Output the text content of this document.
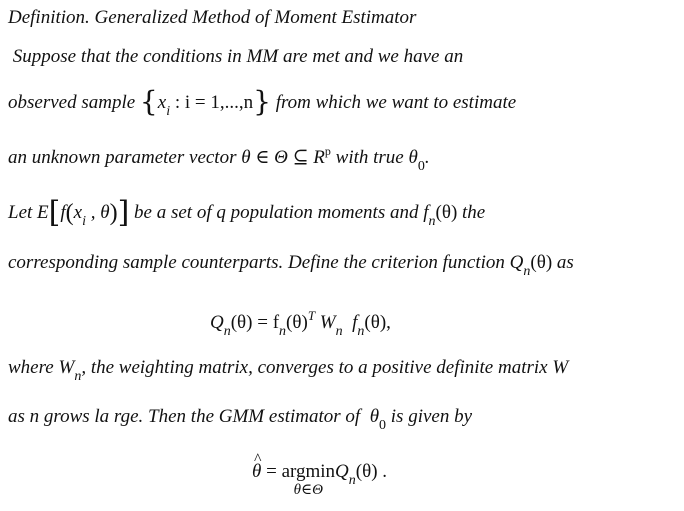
Definition. Generalized Method of Moment Estimator
Suppose that the conditions in MM are met and we have an
observed sample {$x_i$ : i = 1,...,n} from which we want to estimate
an unknown parameter vector θ ∈ Θ ⊆ $R^p$ with true $\theta_0$.
Let $E[f(x_i$ , θ)] be a set of q population moments and $f_n(\theta)$ the
corresponding sample counterparts. Define the criterion function $Q_n(\theta)$ as
$Q_n(\theta) = f_n(\theta)^T$ $W_n$  $f_n(\theta)$,
where $W_n$, the weighting matrix, converges to a positive definite matrix W
as n grows la rge. Then the GMM estimator of  $\theta_0$ is given by
^ θ = argmin
θ∈Θ
$Q_n(\theta)$ .
